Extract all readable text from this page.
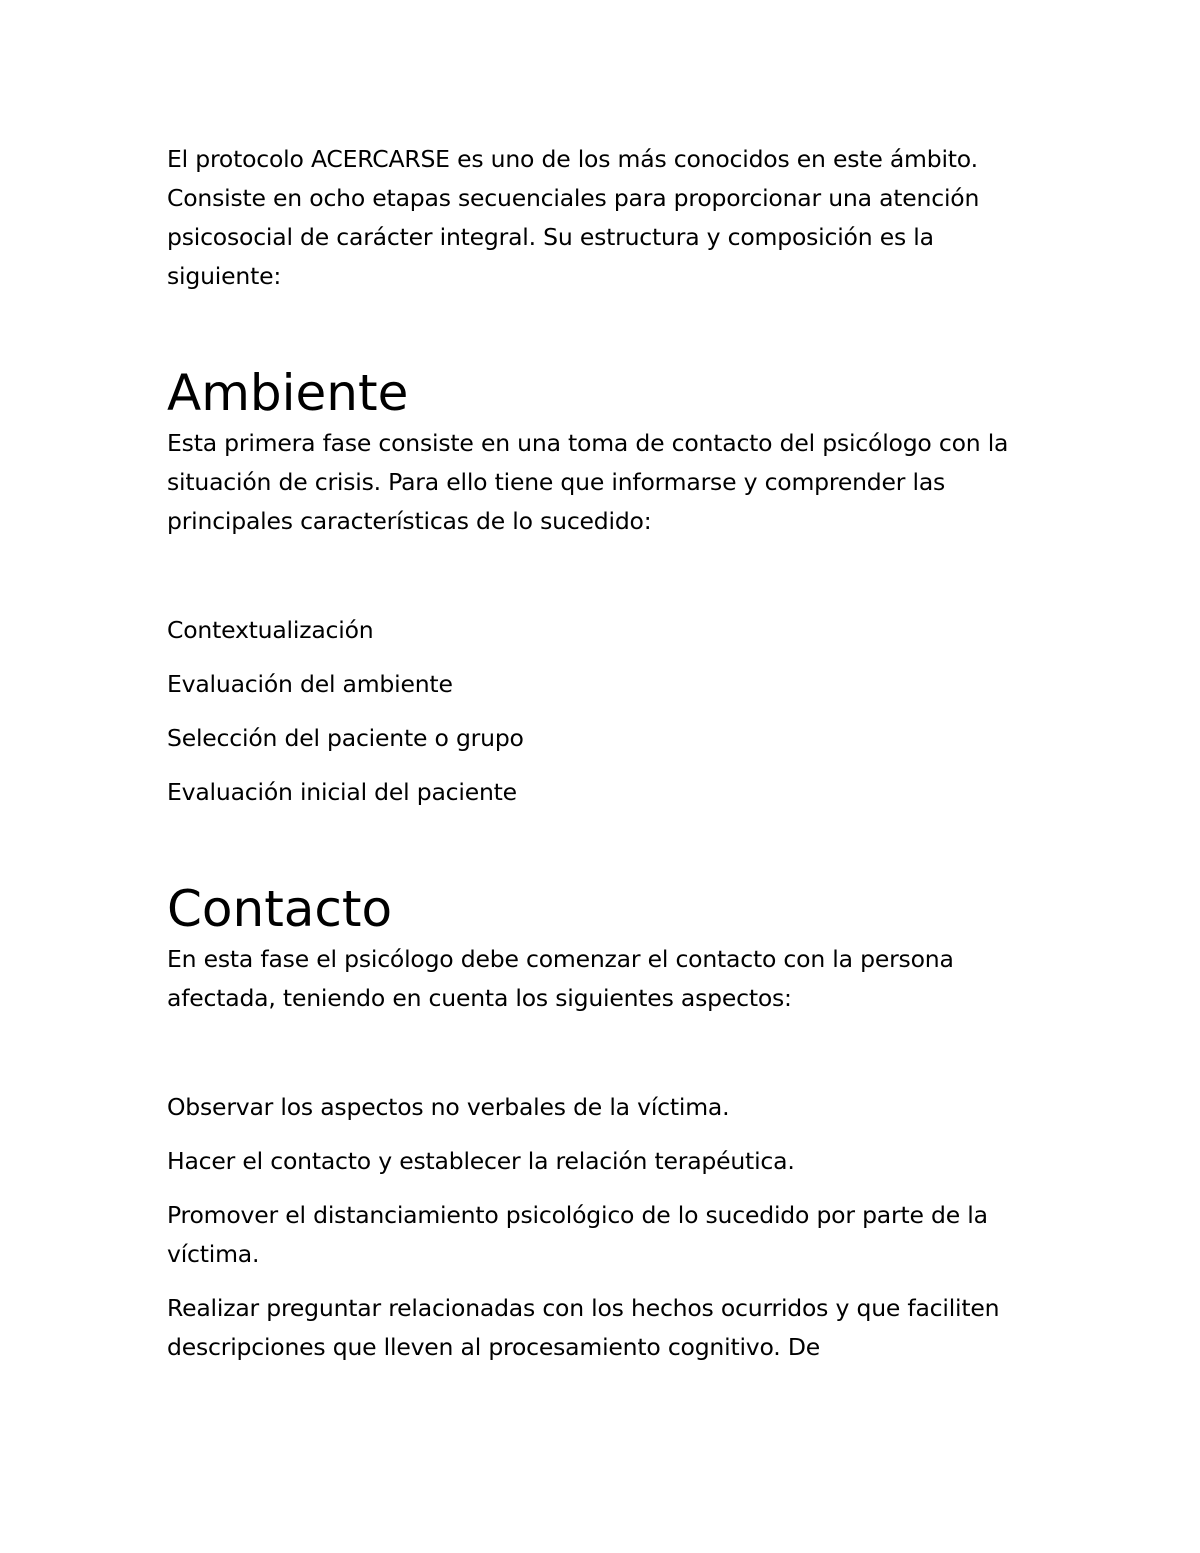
El protocolo ACERCARSE es uno de los más conocidos en este ámbito. Consiste en ocho etapas secuenciales para proporcionar una atención psicosocial de carácter integral. Su estructura y composición es la siguiente:

Ambiente

Esta primera fase consiste en una toma de contacto del psicólogo con la situación de crisis. Para ello tiene que informarse y comprender las principales características de lo sucedido:

Contextualización

Evaluación del ambiente

Selección del paciente o grupo

Evaluación inicial del paciente

Contacto

En esta fase el psicólogo debe comenzar el contacto con la persona afectada, teniendo en cuenta los siguientes aspectos:

Observar los aspectos no verbales de la víctima.

Hacer el contacto y establecer la relación terapéutica.

Promover el distanciamiento psicológico de lo sucedido por parte de la víctima.

Realizar preguntar relacionadas con los hechos ocurridos y que faciliten descripciones que lleven al procesamiento cognitivo. De
